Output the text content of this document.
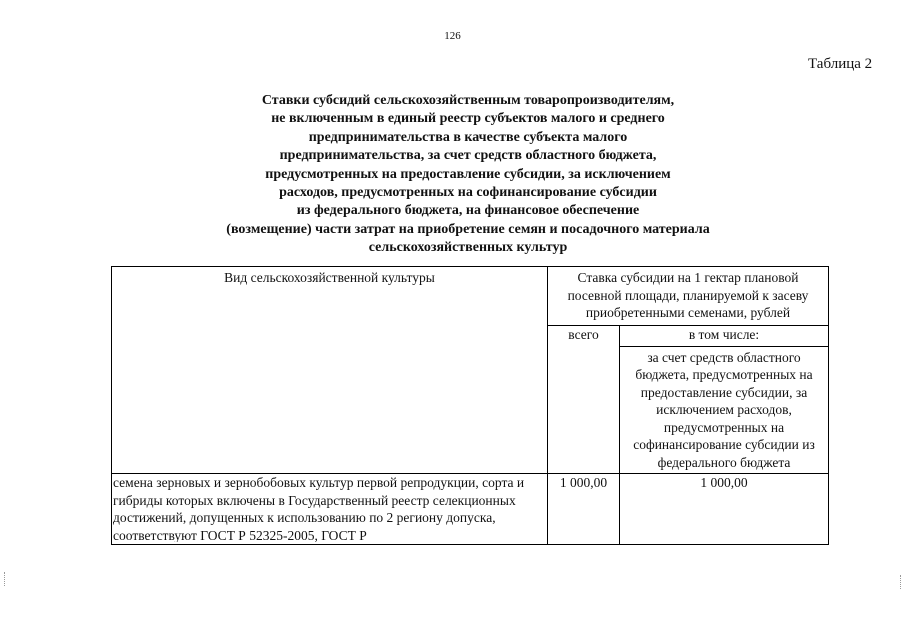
126
Таблица 2
Ставки субсидий сельскохозяйственным товаропроизводителям,
не включенным в единый реестр субъектов малого и среднего
предпринимательства в качестве субъекта малого
предпринимательства, за счет средств областного бюджета,
предусмотренных на предоставление субсидии, за исключением
расходов, предусмотренных на софинансирование субсидии
из федерального бюджета, на финансовое обеспечение
(возмещение) части затрат на приобретение семян и посадочного материала
сельскохозяйственных культур
Вид сельскохозяйственной культуры	Ставка субсидии на 1 гектар плановой посевной площади, планируемой к засеву приобретенными семенами, рублей	
	всего	в том числе:
		за счет средств областного бюджета, предусмотренных на предоставление субсидии, за исключением расходов, предусмотренных на софинансирование субсидии из федерального бюджета

семена зерновых и зернобобовых культур первой репродукции, сорта и гибриды которых включены в Государственный реестр селекционных достижений, допущенных к использованию по 2 региону допуска, соответствуют ГОСТ Р 52325-2005, ГОСТ Р	1 000,00	1 000,00
